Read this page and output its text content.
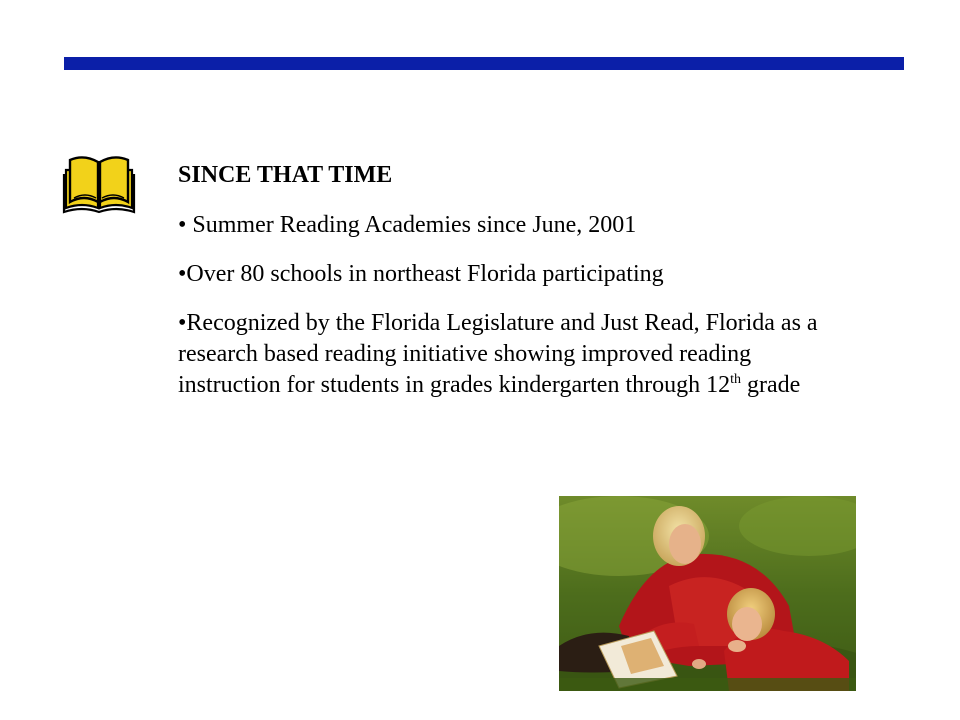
SINCE THAT TIME
• Summer Reading Academies since June, 2001
•Over 80 schools in northeast Florida participating
•Recognized by the Florida Legislature and Just Read, Florida as a research based reading initiative showing improved reading instruction for students in grades kindergarten through 12th grade
